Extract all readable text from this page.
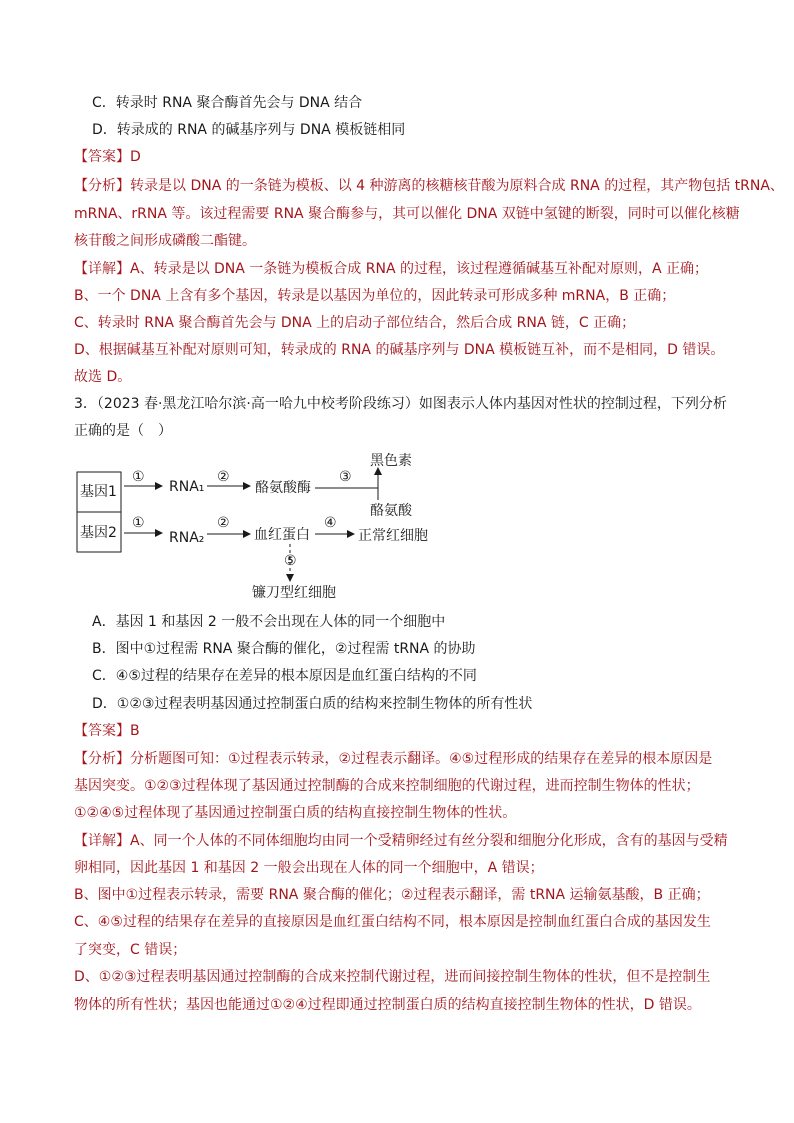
C．转录时 RNA 聚合酶首先会与 DNA 结合
D．转录成的 RNA 的碱基序列与 DNA 模板链相同
【答案】D
【分析】转录是以 DNA 的一条链为模板、以 4 种游离的核糖核苷酸为原料合成 RNA 的过程，其产物包括 tRNA、
mRNA、rRNA 等。该过程需要 RNA 聚合酶参与，其可以催化 DNA 双链中氢键的断裂，同时可以催化核糖
核苷酸之间形成磷酸二酯键。
【详解】A、转录是以 DNA 一条链为模板合成 RNA 的过程，该过程遵循碱基互补配对原则，A 正确；
B、一个 DNA 上含有多个基因，转录是以基因为单位的，因此转录可形成多种 mRNA，B 正确；
C、转录时 RNA 聚合酶首先会与 DNA 上的启动子部位结合，然后合成 RNA 链，C 正确；
D、根据碱基互补配对原则可知，转录成的 RNA 的碱基序列与 DNA 模板链互补，而不是相同，D 错误。
故选 D。
3．（2023 春·黑龙江哈尔滨·高一哈九中校考阶段练习）如图表示人体内基因对性状的控制过程，下列分析
正确的是（　）
基因1
基因2
①
①
RNA₁
RNA₂
②
②
酪氨酸酶
血红蛋白
③
黑色素
酪氨酸
④
正常红细胞
⑤
镰刀型红细胞
A．基因 1 和基因 2 一般不会出现在人体的同一个细胞中
B．图中①过程需 RNA 聚合酶的催化，②过程需 tRNA 的协助
C．④⑤过程的结果存在差异的根本原因是血红蛋白结构的不同
D．①②③过程表明基因通过控制蛋白质的结构来控制生物体的所有性状
【答案】B
【分析】分析题图可知：①过程表示转录，②过程表示翻译。④⑤过程形成的结果存在差异的根本原因是
基因突变。①②③过程体现了基因通过控制酶的合成来控制细胞的代谢过程，进而控制生物体的性状；
①②④⑤过程体现了基因通过控制蛋白质的结构直接控制生物体的性状。
【详解】A、同一个人体的不同体细胞均由同一个受精卵经过有丝分裂和细胞分化形成，含有的基因与受精
卵相同，因此基因 1 和基因 2 一般会出现在人体的同一个细胞中，A 错误；
B、图中①过程表示转录，需要 RNA 聚合酶的催化；②过程表示翻译，需 tRNA 运输氨基酸，B 正确；
C、④⑤过程的结果存在差异的直接原因是血红蛋白结构不同，根本原因是控制血红蛋白合成的基因发生
了突变，C 错误；
D、①②③过程表明基因通过控制酶的合成来控制代谢过程，进而间接控制生物体的性状，但不是控制生
物体的所有性状；基因也能通过①②④过程即通过控制蛋白质的结构直接控制生物体的性状，D 错误。
